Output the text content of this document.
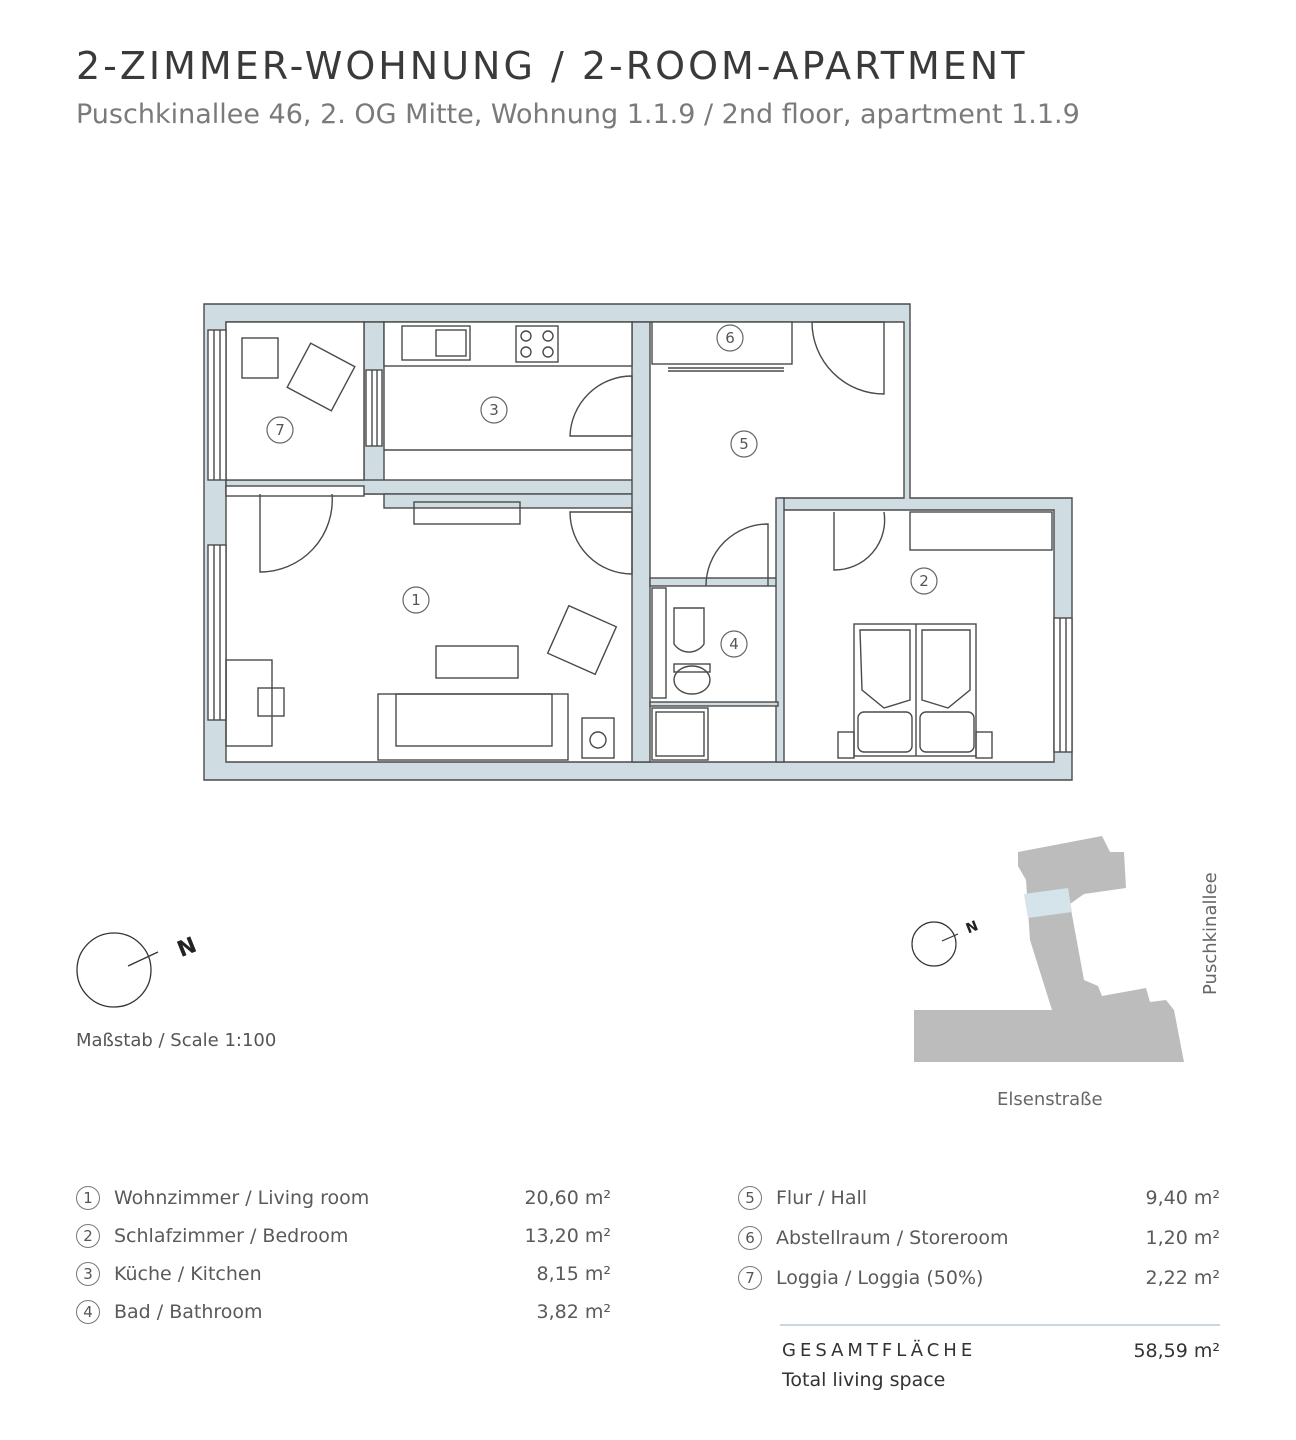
2-ZIMMER-WOHNUNG / 2-ROOM-APARTMENT
Puschkinallee 46, 2. OG Mitte, Wohnung 1.1.9 / 2nd floor, apartment 1.1.9
7
3
6
5
1
4
2
N
N
Maßstab / Scale 1:100
Elsenstraße
Puschkinallee
1	Wohnzimmer / Living room	20,60 m²
2	Schlafzimmer / Bedroom	13,20 m²
3	Küche / Kitchen	8,15 m²
4	Bad / Bathroom	3,82 m²
5	Flur / Hall	9,40 m²
6	Abstellraum / Storeroom	1,20 m²
7	Loggia / Loggia (50%)	2,22 m²
GESAMTFLÄCHE
Total living space
58,59 m²
